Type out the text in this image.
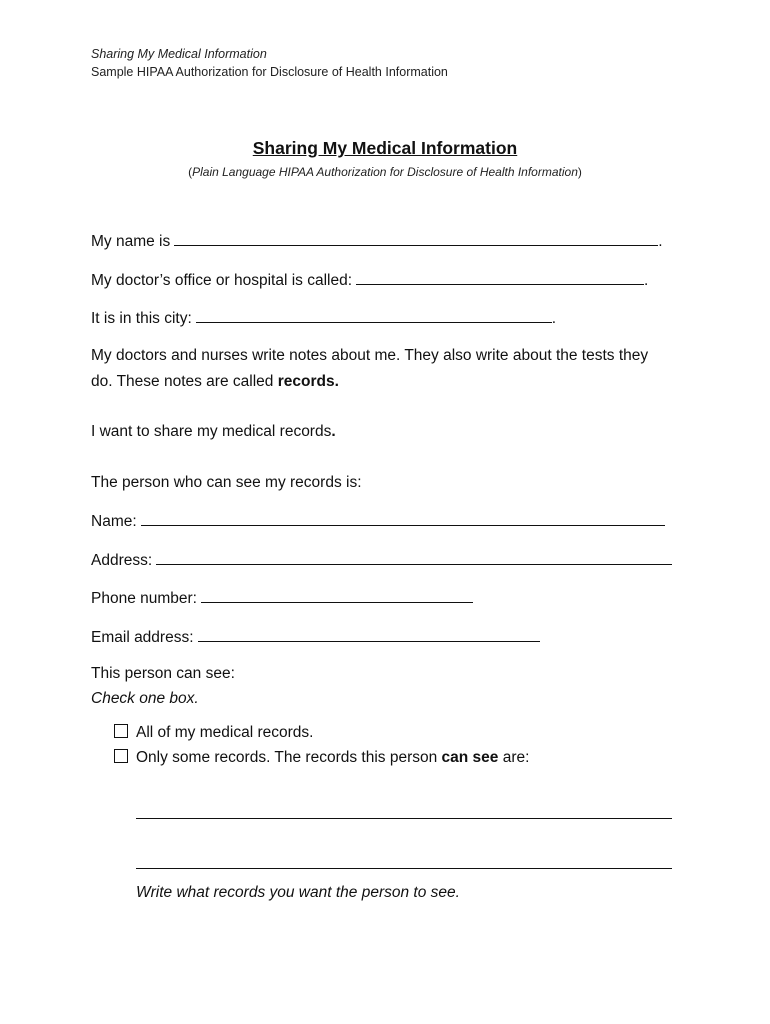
Sharing My Medical Information
Sample HIPAA Authorization for Disclosure of Health Information
Sharing My Medical Information
(Plain Language HIPAA Authorization for Disclosure of Health Information)
My name is	.
My doctor’s office or hospital is called:	.
It is in this city:	.
My doctors and nurses write notes about me. They also write about the tests they do. These notes are called records.
I want to share my medical records.
The person who can see my records is:
Name:
Address:
Phone number:
Email address:
This person can see:
Check one box.
All of my medical records.
Only some records. The records this person can see are:
Write what records you want the person to see.
